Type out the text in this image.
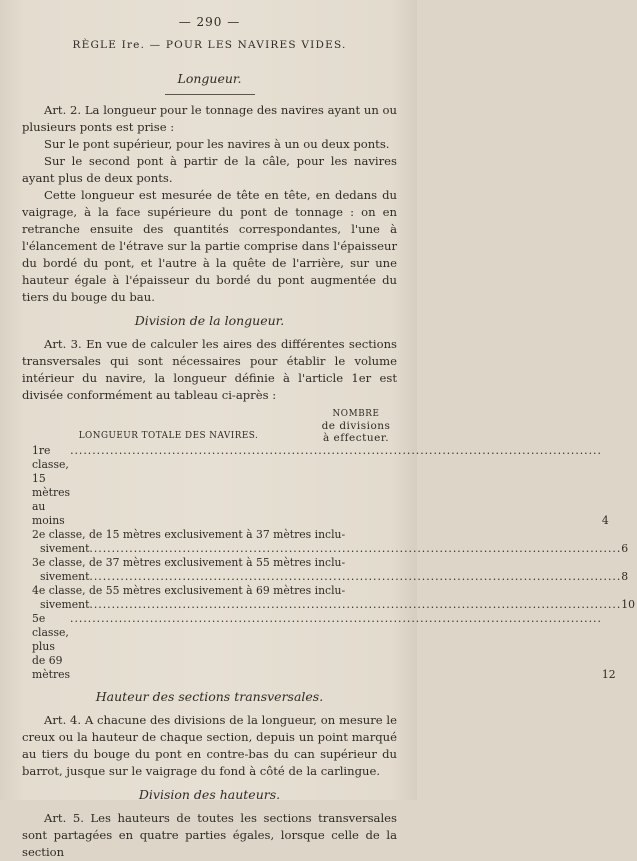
— 290 —
RÈGLE Ire. — POUR LES NAVIRES VIDES.
Longueur.

Art. 2. La longueur pour le tonnage des navires ayant un ou plusieurs ponts est prise :

Sur le pont supérieur, pour les navires à un ou deux ponts.

Sur le second pont à partir de la câle, pour les navires ayant plus de deux ponts.

Cette longueur est mesurée de tête en tête, en dedans du vaigrage, à la face supérieure du pont de tonnage : on en retranche ensuite des quantités correspondantes, l'une à l'élancement de l'étrave sur la partie comprise dans l'épaisseur du bordé du pont, et l'autre à la quête de l'arrière, sur une hauteur égale à l'épaisseur du bordé du pont augmentée du tiers du bouge du bau.

Division de la longueur.

Art. 3. En vue de calculer les aires des différentes sections transversales qui sont nécessaires pour établir le volume intérieur du navire, la longueur définie à l'article 1er est divisée conformément au tableau ci-après :

LONGUEUR TOTALE DES NAVIRES.
NOMBRE
de divisions
à effectuer.
1re classe, 15 mètres au moins .....	4
2e classe, de 15 mètres exclusivement à 37 mètres inclu-
sivement .....	6
3e classe, de 37 mètres exclusivement à 55 mètres inclu-
sivement .....	8
4e classe, de 55 mètres exclusivement à 69 mètres inclu-
sivement .....	10
5e classe, plus de 69 mètres .....	12
Hauteur des sections transversales.

Art. 4. A chacune des divisions de la longueur, on mesure le creux ou la hauteur de chaque section, depuis un point marqué au tiers du bouge du pont en contre-bas du can supérieur du barrot, jusque sur le vaigrage du fond à côté de la carlingue.

Division des hauteurs.

Art. 5. Les hauteurs de toutes les sections transversales sont partagées en quatre parties égales, lorsque celle de la section
